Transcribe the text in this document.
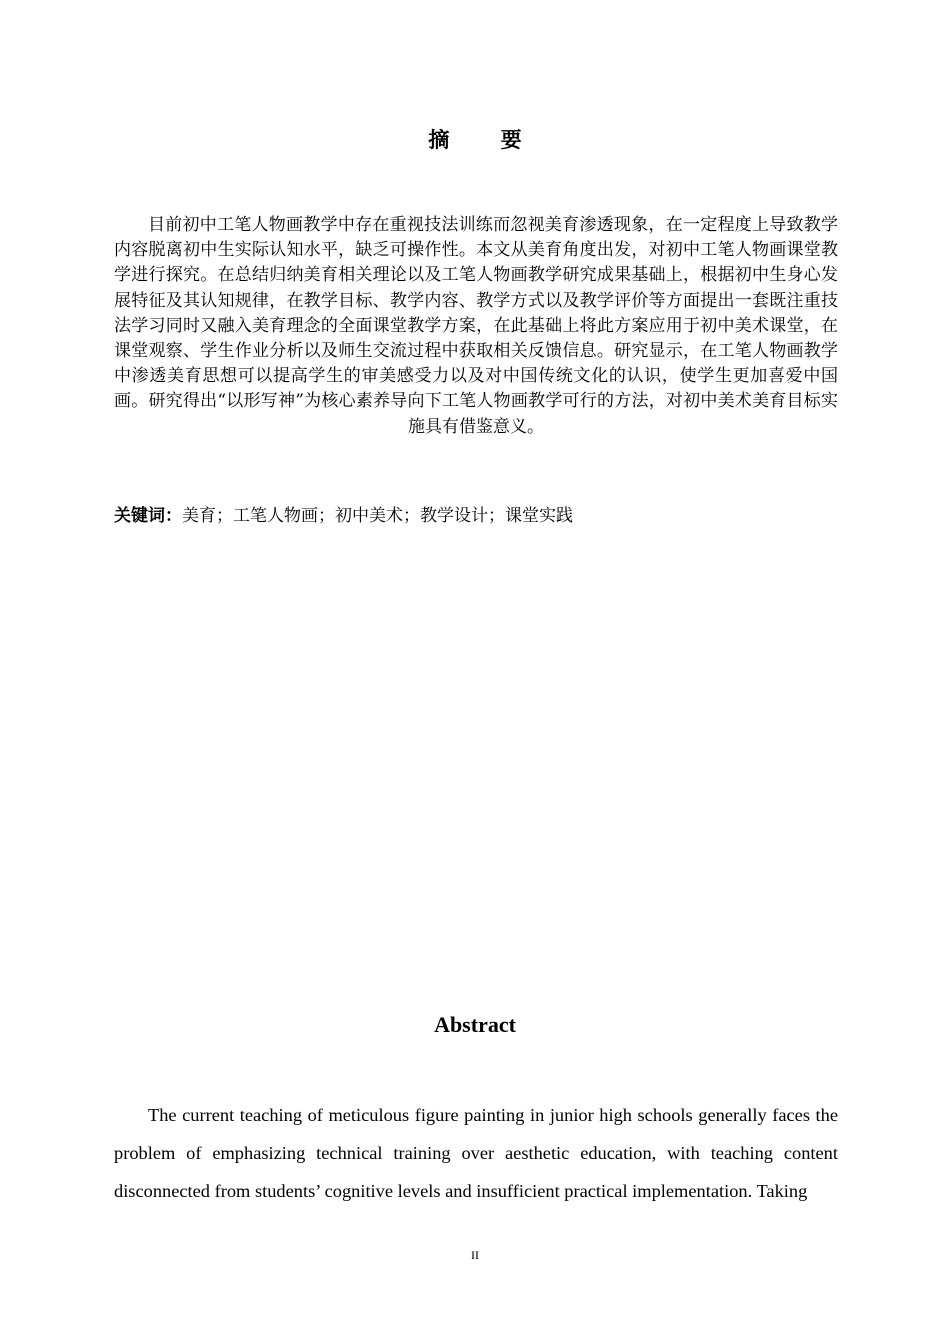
摘 要

目前初中工笔人物画教学中存在重视技法训练而忽视美育渗透现象，在一定程度上导致教学内容脱离初中生实际认知水平，缺乏可操作性。本文从美育角度出发，对初中工笔人物画课堂教学进行探究。在总结归纳美育相关理论以及工笔人物画教学研究成果基础上，根据初中生身心发展特征及其认知规律，在教学目标、教学内容、教学方式以及教学评价等方面提出一套既注重技法学习同时又融入美育理念的全面课堂教学方案，在此基础上将此方案应用于初中美术课堂，在课堂观察、学生作业分析以及师生交流过程中获取相关反馈信息。研究显示，在工笔人物画教学中渗透美育思想可以提高学生的审美感受力以及对中国传统文化的认识，使学生更加喜爱中国画。研究得出“以形写神”为核心素养导向下工笔人物画教学可行的方法，对初中美术美育目标实施具有借鉴意义。

关键词：美育；工笔人物画；初中美术；教学设计；课堂实践
Abstract

The current teaching of meticulous figure painting in junior high schools generally faces the problem of emphasizing technical training over aesthetic education, with teaching content disconnected from students’ cognitive levels and insufficient practical implementation. Taking

II
